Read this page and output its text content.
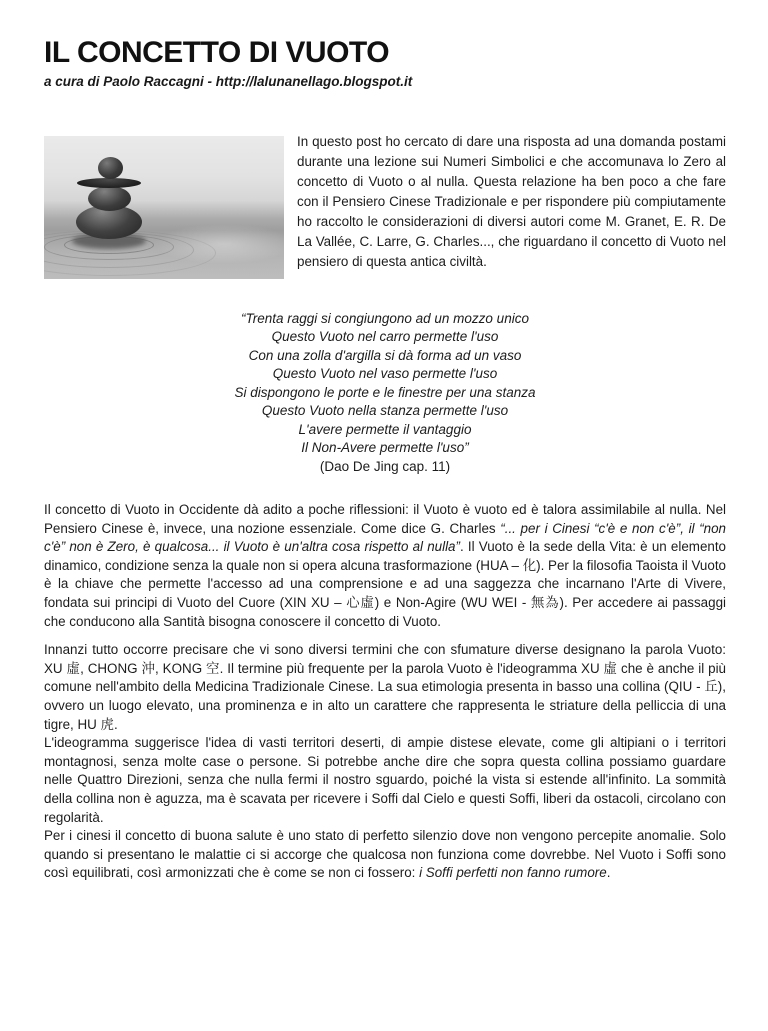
IL CONCETTO DI VUOTO
a cura di Paolo Raccagni - http://lalunanellago.blogspot.it

In questo post ho cercato di dare una risposta ad una domanda postami durante una lezione sui Numeri Simbolici e che accomunava lo Zero al concetto di Vuoto o al nulla. Questa relazione ha ben poco a che fare con il Pensiero Cinese Tradizionale e per rispondere più compiutamente ho raccolto le considerazioni di diversi autori come M. Granet, E. R. De La Vallée, C. Larre, G. Charles..., che riguardano il concetto di Vuoto nel pensiero di questa antica civiltà.

“Trenta raggi si congiungono ad un mozzo unico
Questo Vuoto nel carro permette l'uso
Con una zolla d'argilla si dà forma ad un vaso
Questo Vuoto nel vaso permette l'uso
Si dispongono le porte e le finestre per una stanza
Questo Vuoto nella stanza permette l'uso
L'avere permette il vantaggio
Il Non-Avere permette l'uso”
(Dao De Jing cap. 11)

Il concetto di Vuoto in Occidente dà adito a poche riflessioni: il Vuoto è vuoto ed è talora assimilabile al nulla. Nel Pensiero Cinese è, invece, una nozione essenziale. Come dice G. Charles “... per i Cinesi “c'è e non c'è”, il “non c'è” non è Zero, è qualcosa... il Vuoto è un'altra cosa rispetto al nulla”. Il Vuoto è la sede della Vita: è un elemento dinamico, condizione senza la quale non si opera alcuna trasformazione (HUA – 化). Per la filosofia Taoista il Vuoto è la chiave che permette l'accesso ad una comprensione e ad una saggezza che incarnano l'Arte di Vivere, fondata sui principi di Vuoto del Cuore (XIN XU – 心虛) e Non-Agire (WU WEI - 無為). Per accedere ai passaggi che conducono alla Santità bisogna conoscere il concetto di Vuoto.

Innanzi tutto occorre precisare che vi sono diversi termini che con sfumature diverse designano la parola Vuoto: XU 虛, CHONG 沖, KONG 空. Il termine più frequente per la parola Vuoto è l'ideogramma XU 虛 che è anche il più comune nell'ambito della Medicina Tradizionale Cinese. La sua etimologia presenta in basso una collina (QIU - 丘), ovvero un luogo elevato, una prominenza e in alto un carattere che rappresenta le striature della pelliccia di una tigre, HU 虎.

L'ideogramma suggerisce l'idea di vasti territori deserti, di ampie distese elevate, come gli altipiani o i territori montagnosi, senza molte case o persone. Si potrebbe anche dire che sopra questa collina possiamo guardare nelle Quattro Direzioni, senza che nulla fermi il nostro sguardo, poiché la vista si estende all'infinito. La sommità della collina non è aguzza, ma è scavata per ricevere i Soffi dal Cielo e questi Soffi, liberi da ostacoli, circolano con regolarità.

Per i cinesi il concetto di buona salute è uno stato di perfetto silenzio dove non vengono percepite anomalie. Solo quando si presentano le malattie ci si accorge che qualcosa non funziona come dovrebbe. Nel Vuoto i Soffi sono così equilibrati, così armonizzati che è come se non ci fossero: i Soffi perfetti non fanno rumore.
